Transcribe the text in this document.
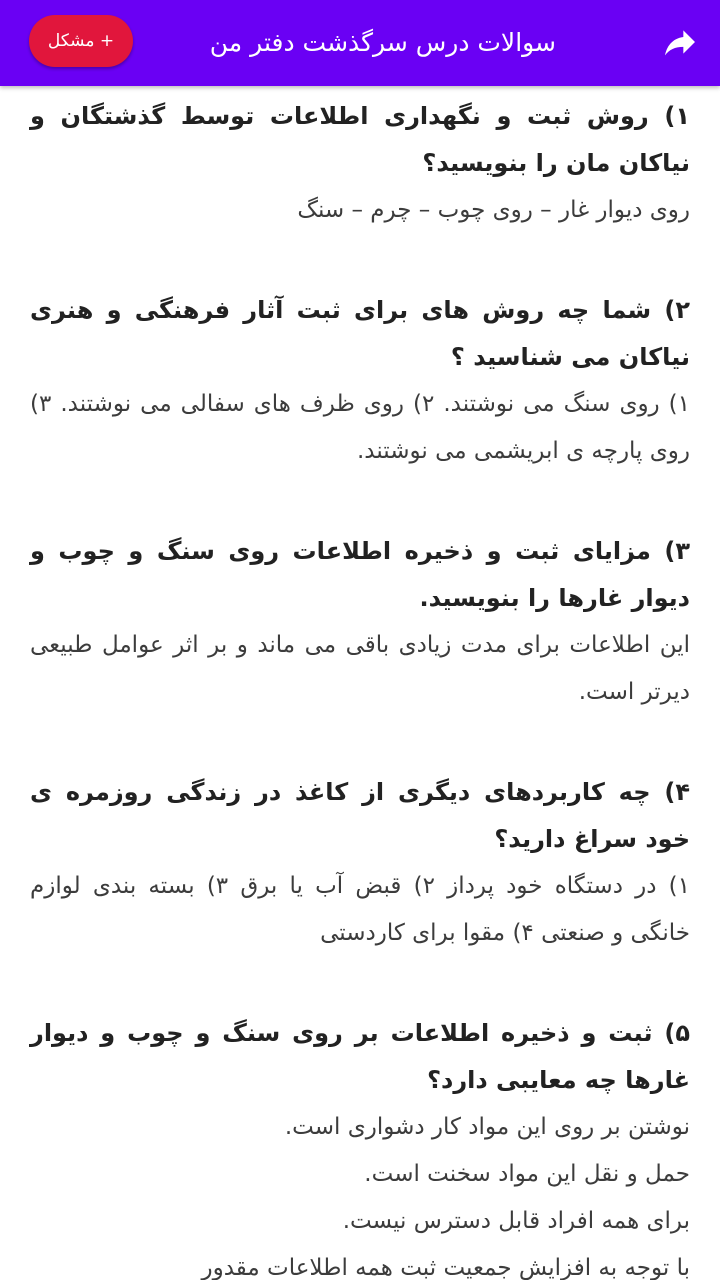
سوالات درس سرگذشت دفتر من
+ مشکل

۱) روش ثبت و نگهداری اطلاعات توسط گذشتگان و نیاکان مان را بنویسید؟

روی دیوار غار – روی چوب – چرم – سنگ

۲) شما چه روش های برای ثبت آثار فرهنگی و هنری نیاکان می شناسید ؟

۱) روی سنگ می نوشتند. ۲) روی ظرف های سفالی می نوشتند. ۳) روی پارچه ی ابریشمی می نوشتند.

۳) مزایای ثبت و ذخیره اطلاعات روی سنگ و چوب و دیوار غارها را بنویسید.

این اطلاعات برای مدت زیادی باقی می ماند و بر اثر عوامل طبیعی دیرتر است.

۴) چه کاربردهای دیگری از کاغذ در زندگی روزمره ی خود سراغ دارید؟

۱) در دستگاه خود پرداز ۲) قبض آب یا برق ۳) بسته بندی لوازم خانگی و صنعتی ۴) مقوا برای کاردستی

۵) ثبت و ذخیره اطلاعات بر روی سنگ و چوب و دیوار غارها چه معایبی دارد؟

نوشتن بر روی این مواد کار دشواری است.

حمل و نقل این مواد سخنت است.

برای همه افراد قابل دسترس نیست.

با توجه به افزایش جمعیت ثبت همه اطلاعات مقدور
